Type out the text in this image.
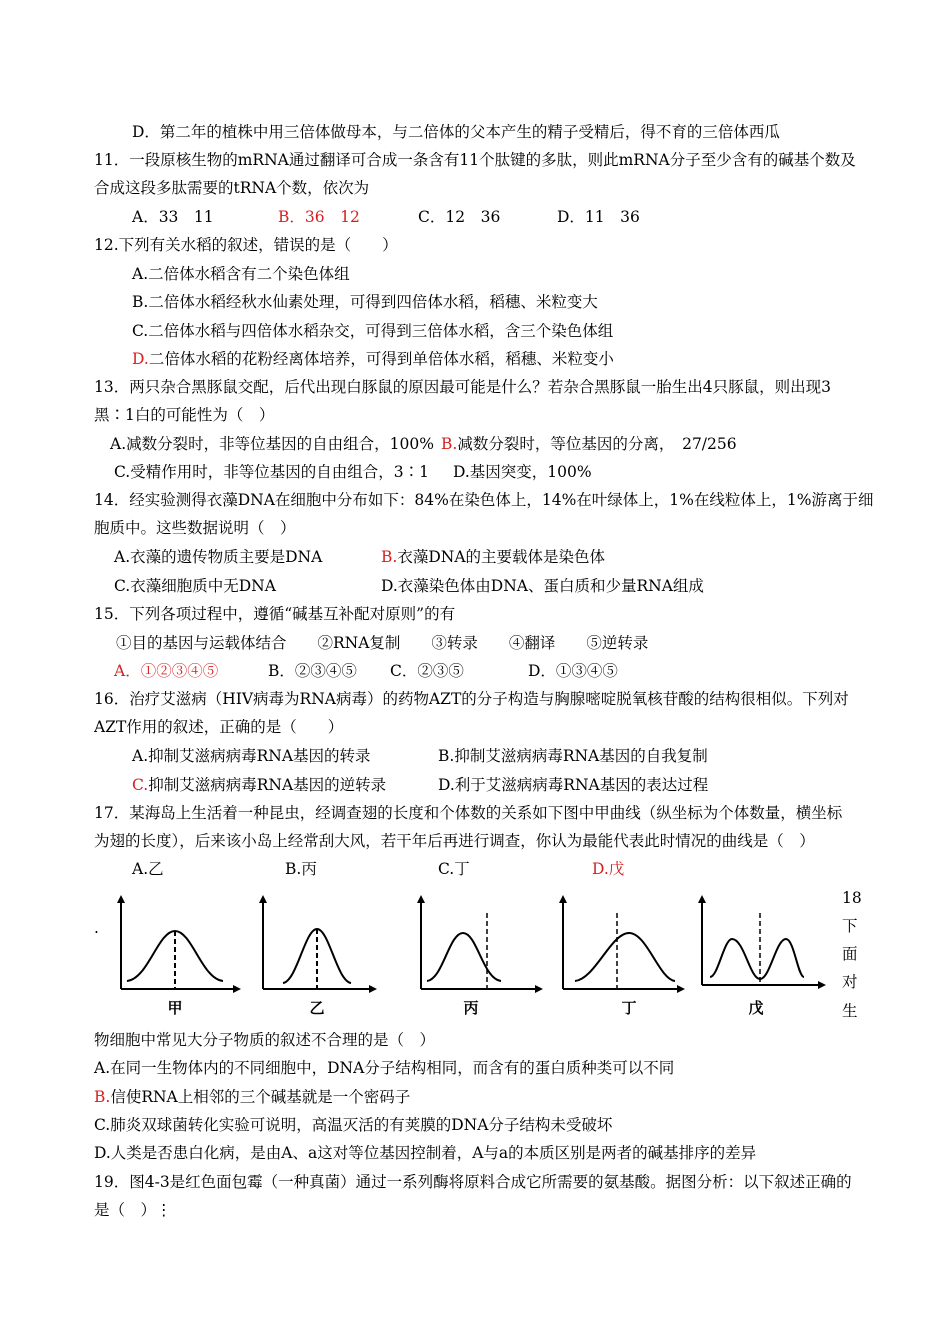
D．第二年的植株中用三倍体做母本，与二倍体的父本产生的精子受精后，得不育的三倍体西瓜
11．一段原核生物的mRNA通过翻译可合成一条含有11个肽键的多肽，则此mRNA分子至少含有的碱基个数及
合成这段多肽需要的tRNA个数，依次为
A．33　11	B．36　12	C．12　36	D．11　36
12.下列有关水稻的叙述，错误的是（　　）
A.二倍体水稻含有二个染色体组
B.二倍体水稻经秋水仙素处理，可得到四倍体水稻，稻穗、米粒变大
C.二倍体水稻与四倍体水稻杂交，可得到三倍体水稻，含三个染色体组
D.二倍体水稻的花粉经离体培养，可得到单倍体水稻，稻穗、米粒变小
13．两只杂合黑豚鼠交配，后代出现白豚鼠的原因最可能是什么？若杂合黑豚鼠一胎生出4只豚鼠，则出现3
黑∶1白的可能性为（　）
A.减数分裂时，非等位基因的自由组合，100% B.减数分裂时，等位基因的分离，　27/256
C.受精作用时，非等位基因的自由组合，3∶1 D.基因突变，100%
14．经实验测得衣藻DNA在细胞中分布如下：84%在染色体上，14%在叶绿体上，1%在线粒体上，1%游离于细
胞质中。这些数据说明（　）
A.衣藻的遗传物质主要是DNA	B.衣藻DNA的主要载体是染色体
C.衣藻细胞质中无DNA	D.衣藻染色体由DNA、蛋白质和少量RNA组成
15．下列各项过程中，遵循“碱基互补配对原则”的有
①目的基因与运载体结合　　②RNA复制　　③转录　　④翻译　　⑤逆转录
A．①②③④⑤	B．②③④⑤ C．②③⑤	D．①③④⑤
16．治疗艾滋病（HIV病毒为RNA病毒）的药物AZT的分子构造与胸腺嘧啶脱氧核苷酸的结构很相似。下列对
AZT作用的叙述，正确的是（　　）
A.抑制艾滋病病毒RNA基因的转录	B.抑制艾滋病病毒RNA基因的自我复制
C.抑制艾滋病病毒RNA基因的逆转录	D.利于艾滋病病毒RNA基因的表达过程
17．某海岛上生活着一种昆虫，经调查翅的长度和个体数的关系如下图中甲曲线（纵坐标为个体数量，横坐标
为翅的长度），后来该小岛上经常刮大风，若干年后再进行调查，你认为最能代表此时情况的曲线是（　）
A.乙	B.丙	C.丁	D.戊
.
甲	乙	丙	丁	戊
18
下
面
对
生
物细胞中常见大分子物质的叙述不合理的是（　）
A.在同一生物体内的不同细胞中，DNA分子结构相同，而含有的蛋白质种类可以不同
B.信使RNA上相邻的三个碱基就是一个密码子
C.肺炎双球菌转化实验可说明，高温灭活的有荚膜的DNA分子结构未受破坏
D.人类是否患白化病，是由A、a这对等位基因控制着，A与a的本质区别是两者的碱基排序的差异
19．图4-3是红色面包霉（一种真菌）通过一系列酶将原料合成它所需要的氨基酸。据图分析：以下叙述正确的
是（　）⋮
